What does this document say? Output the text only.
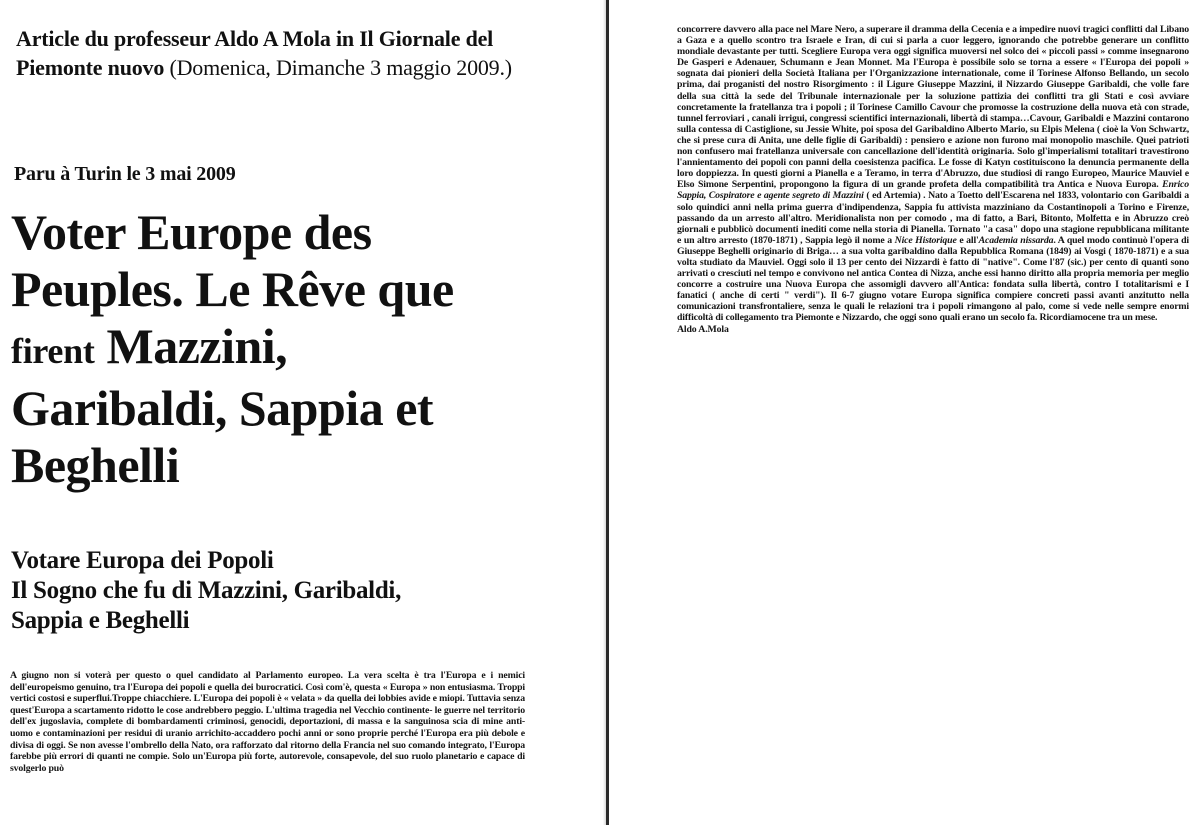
Article du professeur Aldo A Mola in Il Giornale del Piemonte nuovo (Domenica, Dimanche 3 maggio 2009.)
Paru à Turin le 3 mai 2009
Voter Europe des
Peuples. Le Rêve que
firent Mazzini,
Garibaldi, Sappia et
Beghelli
Votare Europa dei Popoli
Il Sogno che fu di Mazzini, Garibaldi,
Sappia e Beghelli
A giugno non si voterà per questo o quel candidato al Parlamento europeo. La vera scelta è tra l'Europa e i nemici dell'europeismo genuino, tra l'Europa dei popoli e quella dei burocratici. Così com'è, questa « Europa » non entusiasma. Troppi vertici costosi e superflui.Troppe chiacchiere. L'Europa dei popoli è « velata » da quella dei lobbies avide e miopi. Tuttavia senza quest'Europa a scartamento ridotto le cose andrebbero peggio. L'ultima tragedia nel Vecchio continente- le guerre nel territorio dell'ex jugoslavia, complete di bombardamenti criminosi, genocidi, deportazioni, di massa e la sanguinosa scia di mine anti-uomo e contaminazioni per residui di uranio arrichito-accaddero pochi anni or sono proprie perché l'Europa era più debole e divisa di oggi. Se non avesse l'ombrello della Nato, ora rafforzato dal ritorno della Francia nel suo comando integrato, l'Europa farebbe più errori di quanti ne compie. Solo un'Europa più forte, autorevole, consapevole, del suo ruolo planetario e capace di svolgerlo può

concorrere davvero alla pace nel Mare Nero, a superare il dramma della Cecenia e a impedire nuovi tragici conflitti dal Libano a Gaza e a quello scontro tra Israele e Iran, di cui si parla a cuor leggero, ignorando che potrebbe generare un conflitto mondiale devastante per tutti. Scegliere Europa vera oggi significa muoversi nel solco dei « piccoli passi » comme insegnarono De Gasperi e Adenauer, Schumann e Jean Monnet. Ma l'Europa è possibile solo se torna a essere « l'Europa dei popoli » sognata dai pionieri della Società Italiana per l'Organizzazione internationale, come il Torinese Alfonso Bellando, un secolo prima, dai proganisti del nostro Risorgimento : il Ligure Giuseppe Mazzini, il Nizzardo Giuseppe Garibaldi, che volle fare della sua città la sede del Tribunale internazionale per la soluzione pattizia dei conflitti tra gli Stati e così avviare concretamente la fratellanza tra i popoli ; il Torinese Camillo Cavour che promosse la costruzione della nuova età con strade, tunnel ferroviari , canali irrigui, congressi scientifici internazionali, libertà di stampa…Cavour, Garibaldi e Mazzini contarono sulla contessa di Castiglione, su Jessie White, poi sposa del Garibaldino Alberto Mario, su Elpis Melena ( cioè la Von Schwartz, che si prese cura di Anita, une delle figlie di Garibaldi) : pensiero e azione non furono mai monopolio maschile. Quei patrioti non confusero mai fratellanza universale con cancellazione dell'identità originaria. Solo gl'imperialismi totalitari travestirono l'annientamento dei popoli con panni della coesistenza pacifica. Le fosse di Katyn costituiscono la denuncia permanente della loro doppiezza. In questi giorni a Pianella e a Teramo, in terra d'Abruzzo, due studiosi di rango Europeo, Maurice Mauviel e Elso Simone Serpentini, propongono la figura di un grande profeta della compatibilità tra Antica e Nuova Europa. Enrico Sappia, Cospiratore e agente segreto di Mazzini ( ed Artemia) . Nato a Toetto dell'Escarena nel 1833, volontario con Garibaldi a solo quindici anni nella prima guerra d'indipendenza, Sappia fu attivista mazziniano da Costantinopoli a Torino e Firenze, passando da un arresto all'altro. Meridionalista non per comodo , ma di fatto, a Bari, Bitonto, Molfetta e in Abruzzo creò giornali e pubblicò documenti inediti come nella storia di Pianella. Tornato "a casa" dopo una stagione repubblicana militante e un altro arresto (1870-1871) , Sappia legò il nome a Nice Historique e all'Academia nissarda. A quel modo continuò l'opera di Giuseppe Beghelli originario di Briga… a sua volta garibaldino dalla Repubblica Romana (1849) ai Vosgi ( 1870-1871) e a sua volta studiato da Mauviel. Oggi solo il 13 per cento dei Nizzardi è fatto di "native". Come l'87 (sic.) per cento di quanti sono arrivati o cresciuti nel tempo e convivono nel antica Contea di Nizza, anche essi hanno diritto alla propria memoria per meglio concorre a costruire una Nuova Europa che assomigli davvero all'Antica: fondata sulla libertà, contro I totalitarismi e I fanatici ( anche di certi " verdi"). Il 6-7 giugno votare Europa significa compiere concreti passi avanti anzitutto nella comunicazioni transfrontaliere, senza le quali le relazioni tra i popoli rimangono al palo, come si vede nelle sempre enormi difficoltà di collegamento tra Piemonte e Nizzardo, che oggi sono quali erano un secolo fa. Ricordiamocene tra un mese.

Aldo A.Mola
